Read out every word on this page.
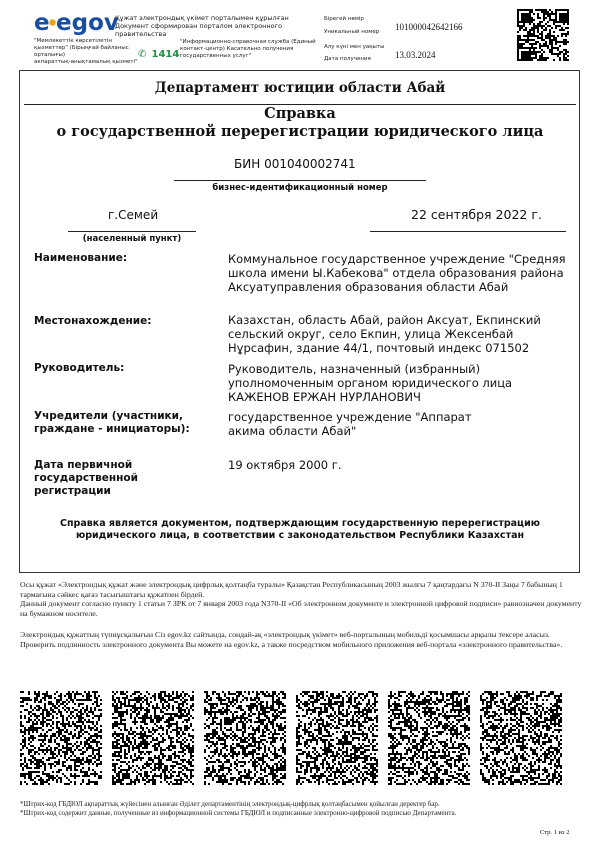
e egov
"Мемлекеттік көрсетілетін қызметтер" (Бірыңғай байланыс орталығы)
акпараттық-анықтамалық қызметі"
✆ 1414
"Информационно-справочная служба (Единый контакт-центр) Касательно получения государственных услуг"
Құжат электрондық үкімет порталымен құрылған
Документ сформирован порталом электронного правительства
Бірегей нөмір
Уникальный номер 101000042642166
Алу күні мен уақыты
Дата получения	13.03.2024
Департамент юстиции области Абай
Справка
о государственной перерегистрации юридического лица
БИН 001040002741
бизнес-идентификационный номер
г.Семей
(населенный пункт)
22 сентября 2022 г.
Наименование:	Коммунальное государственное учреждение "Средняя школа имени Ы.Кабекова" отдела образования района Аксуатуправления образования области Абай
Местонахождение:	Казахстан, область Абай, район Аксуат, Екпинский сельский округ, село Екпин, улица Жексенбай Нұрсафин, здание 44/1, почтовый индекс 071502
Руководитель:	Руководитель, назначенный (избранный) уполномоченным органом юридического лица КАЖЕНОВ ЕРЖАН НУРЛАНОВИЧ
Учредители (участники, граждане - инициаторы):
государственное учреждение "Аппарат акима области Абай"
Дата первичной государственной регистрации
19 октября 2000 г.
Справка является документом, подтверждающим государственную перерегистрацию юридического лица, в соответствии с законодательством Республики Казахстан
Осы құжат «Электрондық құжат және электрондық цифрлық қолтаңба туралы» Қазақстан Республикасының 2003 жылғы 7 қаңтардағы N 370-II Заңы 7 бабының 1 тармағына сәйкес қағаз тасығыштағы құжатпен бірдей.
Данный документ согласно пункту 1 статьи 7 ЗРК от 7 января 2003 года N370-II «Об электронном документе и электронной цифровой подписи» равнозначен документу на бумажном носителе.
Электрондық құжаттың түпнұсқалығын Сіз egov.kz сайтында, сондай-ақ «электрондық үкімет» веб-порталының мобильді қосымшасы арқылы тексере аласыз.
Проверить подлинность электронного документа Вы можете на egov.kz, а также посредством мобильного приложения веб-портала «электронного правительства».
*Штрих-код ГБДЮЛ ақпараттық жүйесінен алынған Әділет департаментінің электрондық-цифрлық қолтаңбасымен қойылған деректер бар.
*Штрих-код содержит данные, полученные из информационной системы ГБДЮЛ и подписанные электронно-цифровой подписью Департамента.
Стр. 1 из 2
